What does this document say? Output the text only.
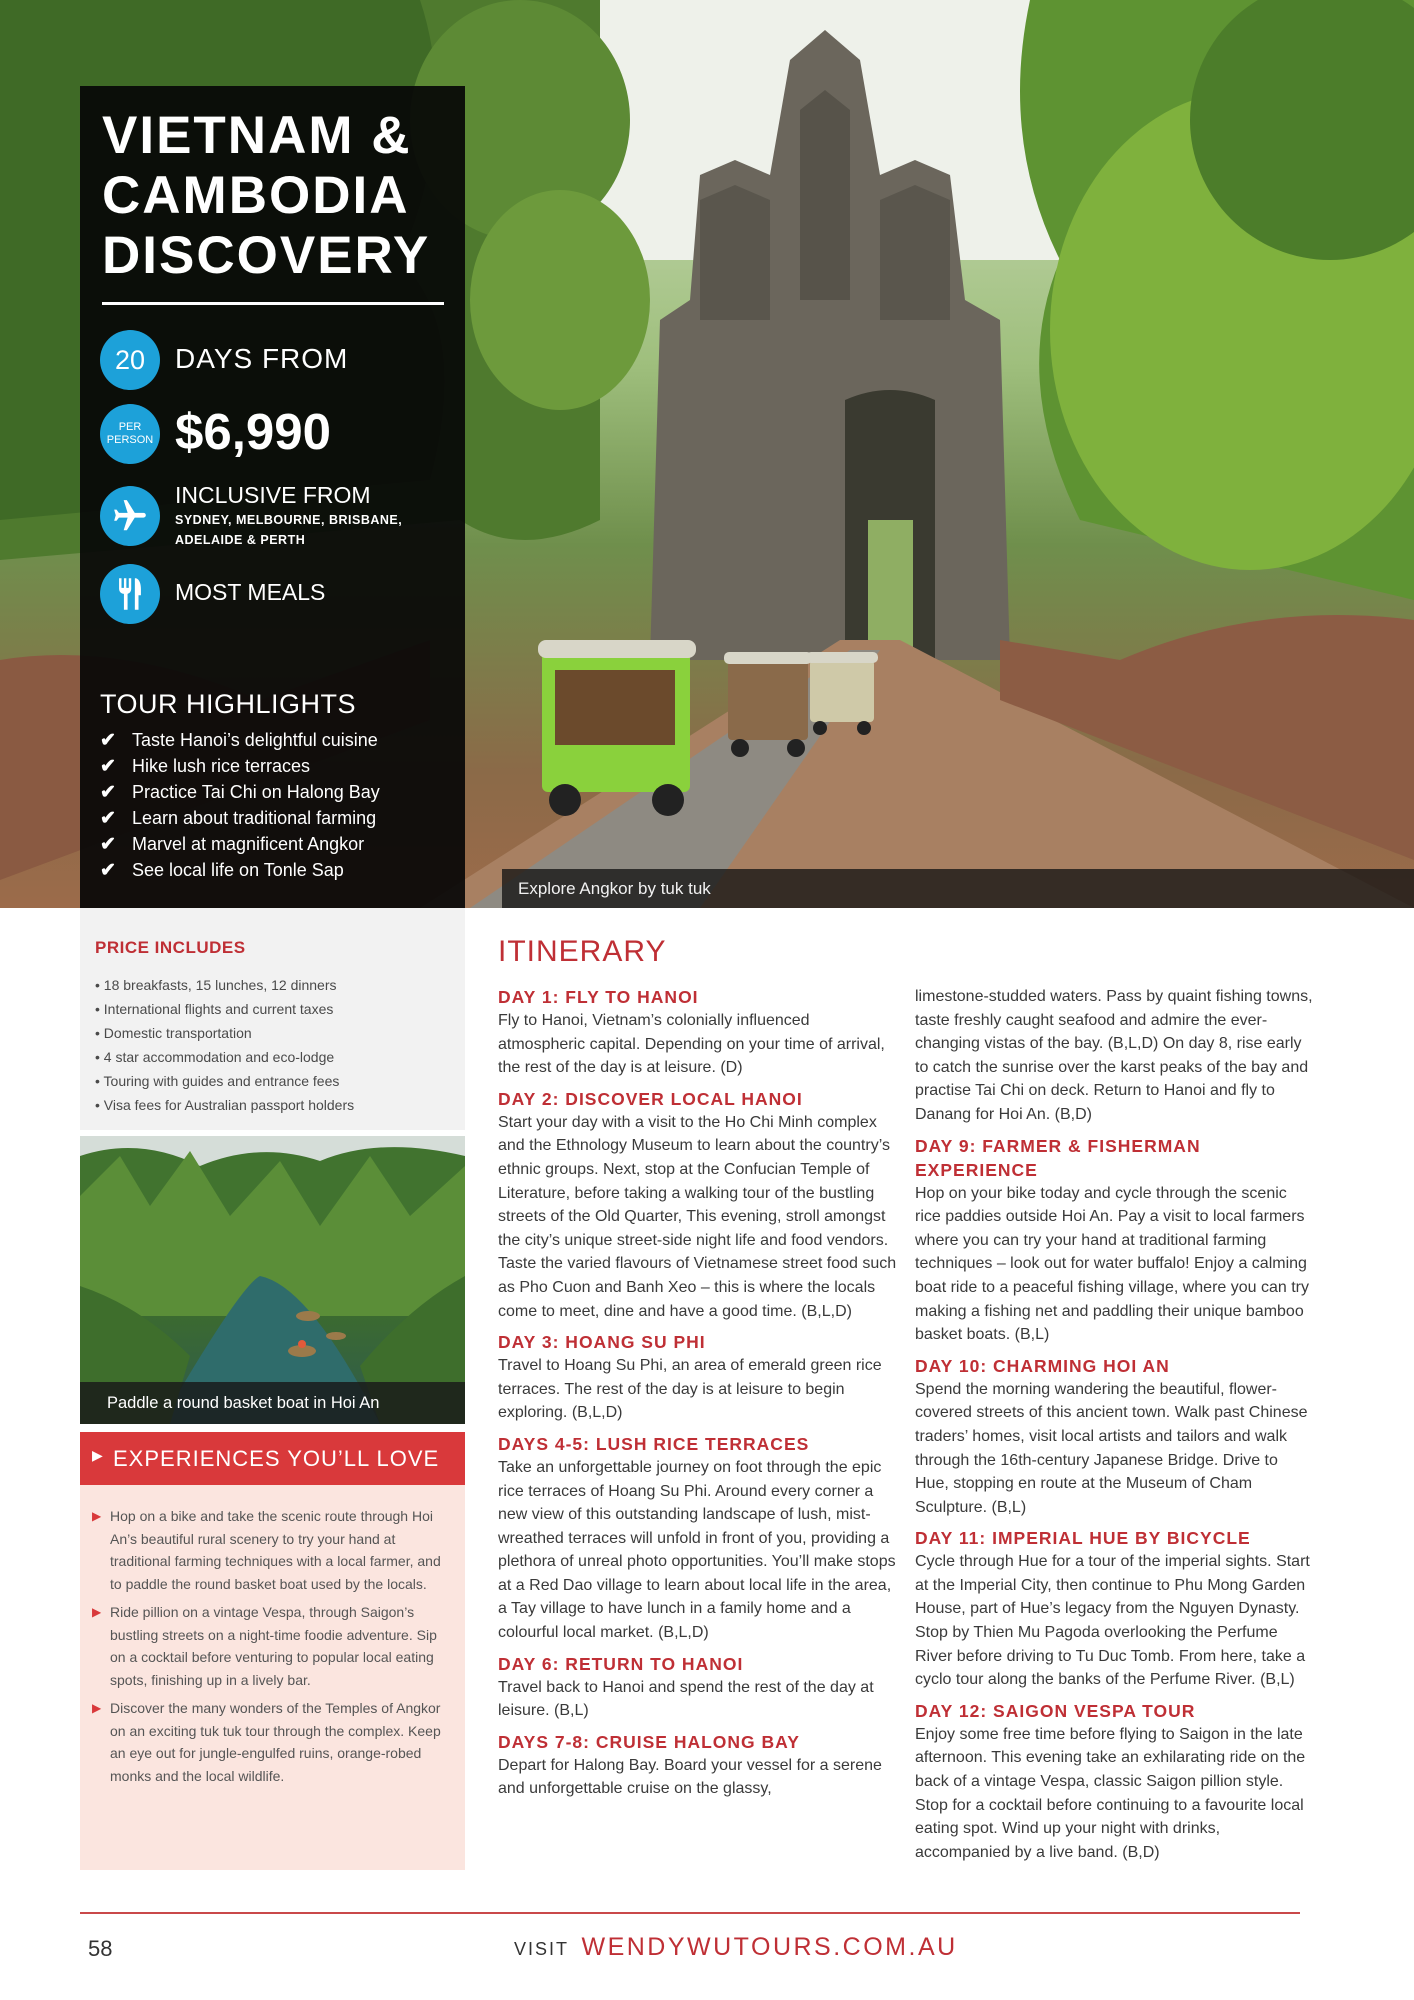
Explore Angkor by tuk tuk
VIETNAM &
CAMBODIA
DISCOVERY
20	DAYS FROM
PER
PERSON $6,990
INCLUSIVE FROM
SYDNEY, MELBOURNE, BRISBANE, ADELAIDE & PERTH
MOST MEALS
TOUR HIGHLIGHTS
✔ Taste Hanoi’s delightful cuisine
✔ Hike lush rice terraces
✔ Practice Tai Chi on Halong Bay
✔ Learn about traditional farming
✔ Marvel at magnificent Angkor
✔ See local life on Tonle Sap
PRICE INCLUDES
• 18 breakfasts, 15 lunches, 12 dinners
• International flights and current taxes
• Domestic transportation
• 4 star accommodation and eco-lodge
• Touring with guides and entrance fees
• Visa fees for Australian passport holders
Paddle a round basket boat in Hoi An
▶ EXPERIENCES YOU’LL LOVE
▶ Hop on a bike and take the scenic route through Hoi An’s beautiful rural scenery to try your hand at traditional farming techniques with a local farmer, and to paddle the round basket boat used by the locals.
▶ Ride pillion on a vintage Vespa, through Saigon’s bustling streets on a night-time foodie adventure. Sip on a cocktail before venturing to popular local eating spots, finishing up in a lively bar.
▶ Discover the many wonders of the Temples of Angkor on an exciting tuk tuk tour through the complex. Keep an eye out for jungle-engulfed ruins, orange-robed monks and the local wildlife.
ITINERARY
DAY 1: FLY TO HANOI

Fly to Hanoi, Vietnam’s colonially influenced atmospheric capital. Depending on your time of arrival, the rest of the day is at leisure. (D)

DAY 2: DISCOVER LOCAL HANOI

Start your day with a visit to the Ho Chi Minh complex and the Ethnology Museum to learn about the country’s ethnic groups. Next, stop at the Confucian Temple of Literature, before taking a walking tour of the bustling streets of the Old Quarter, This evening, stroll amongst the city’s unique street-side night life and food vendors. Taste the varied flavours of Vietnamese street food such as Pho Cuon and Banh Xeo – this is where the locals come to meet, dine and have a good time. (B,L,D)

DAY 3: HOANG SU PHI

Travel to Hoang Su Phi, an area of emerald green rice terraces. The rest of the day is at leisure to begin exploring. (B,L,D)

DAYS 4-5: LUSH RICE TERRACES

Take an unforgettable journey on foot through the epic rice terraces of Hoang Su Phi. Around every corner a new view of this outstanding landscape of lush, mist-wreathed terraces will unfold in front of you, providing a plethora of unreal photo opportunities. You’ll make stops at a Red Dao village to learn about local life in the area, a Tay village to have lunch in a family home and a colourful local market. (B,L,D)

DAY 6: RETURN TO HANOI

Travel back to Hanoi and spend the rest of the day at leisure. (B,L)

DAYS 7-8: CRUISE HALONG BAY

Depart for Halong Bay. Board your vessel for a serene and unforgettable cruise on the glassy,

limestone-studded waters. Pass by quaint fishing towns, taste freshly caught seafood and admire the ever-changing vistas of the bay. (B,L,D) On day 8, rise early to catch the sunrise over the karst peaks of the bay and practise Tai Chi on deck. Return to Hanoi and fly to Danang for Hoi An. (B,D)

DAY 9: FARMER & FISHERMAN EXPERIENCE

Hop on your bike today and cycle through the scenic rice paddies outside Hoi An. Pay a visit to local farmers where you can try your hand at traditional farming techniques – look out for water buffalo! Enjoy a calming boat ride to a peaceful fishing village, where you can try making a fishing net and paddling their unique bamboo basket boats. (B,L)

DAY 10: CHARMING HOI AN

Spend the morning wandering the beautiful, flower-covered streets of this ancient town. Walk past Chinese traders’ homes, visit local artists and tailors and walk through the 16th-century Japanese Bridge. Drive to Hue, stopping en route at the Museum of Cham Sculpture. (B,L)

DAY 11: IMPERIAL HUE BY BICYCLE

Cycle through Hue for a tour of the imperial sights. Start at the Imperial City, then continue to Phu Mong Garden House, part of Hue’s legacy from the Nguyen Dynasty. Stop by Thien Mu Pagoda overlooking the Perfume River before driving to Tu Duc Tomb. From here, take a cyclo tour along the banks of the Perfume River. (B,L)

DAY 12: SAIGON VESPA TOUR

Enjoy some free time before flying to Saigon in the late afternoon. This evening take an exhilarating ride on the back of a vintage Vespa, classic Saigon pillion style. Stop for a cocktail before continuing to a favourite local eating spot. Wind up your night with drinks, accompanied by a live band. (B,D)

58	VISIT WENDYWUTOURS.COM.AU
